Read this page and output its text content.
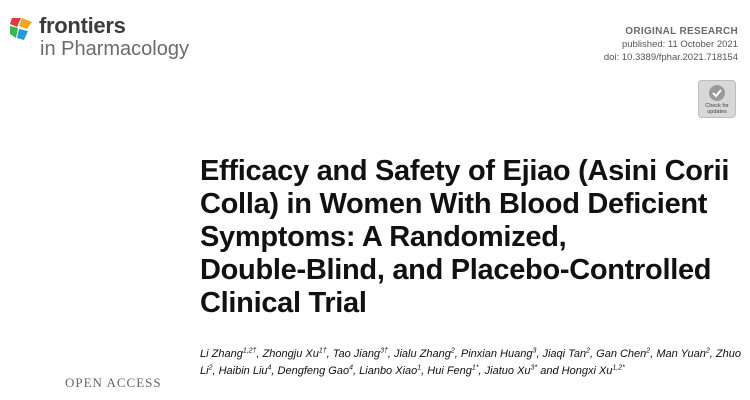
frontiers
in Pharmacology
ORIGINAL RESEARCH
published: 11 October 2021
doi: 10.3389/fphar.2021.718154
Check for
updates
Efficacy and Safety of Ejiao (Asini Corii
Colla) in Women With Blood Deficient
Symptoms: A Randomized,
Double-Blind, and Placebo-Controlled
Clinical Trial
OPEN ACCESS
Li Zhang$^{1,2\dagger}$, Zhongju $Xu^{1\dagger}$, Tao Jiang$^{3\dagger}$, Jialu Zhang$^2$, Pinxian Huang$^3$, Jiaqi Tan$^2$, Gan Chen$^2$, Man Yuan$^2$, Zhuo Li$^2$, Haibin Liu$^4$, Dengfeng Gao$^4$, Lianbo Xiao$^1$, Hui Feng$^{1*}$, Jiatuo $Xu^{3*}$ and Hongxi $Xu^{1,2*}$
